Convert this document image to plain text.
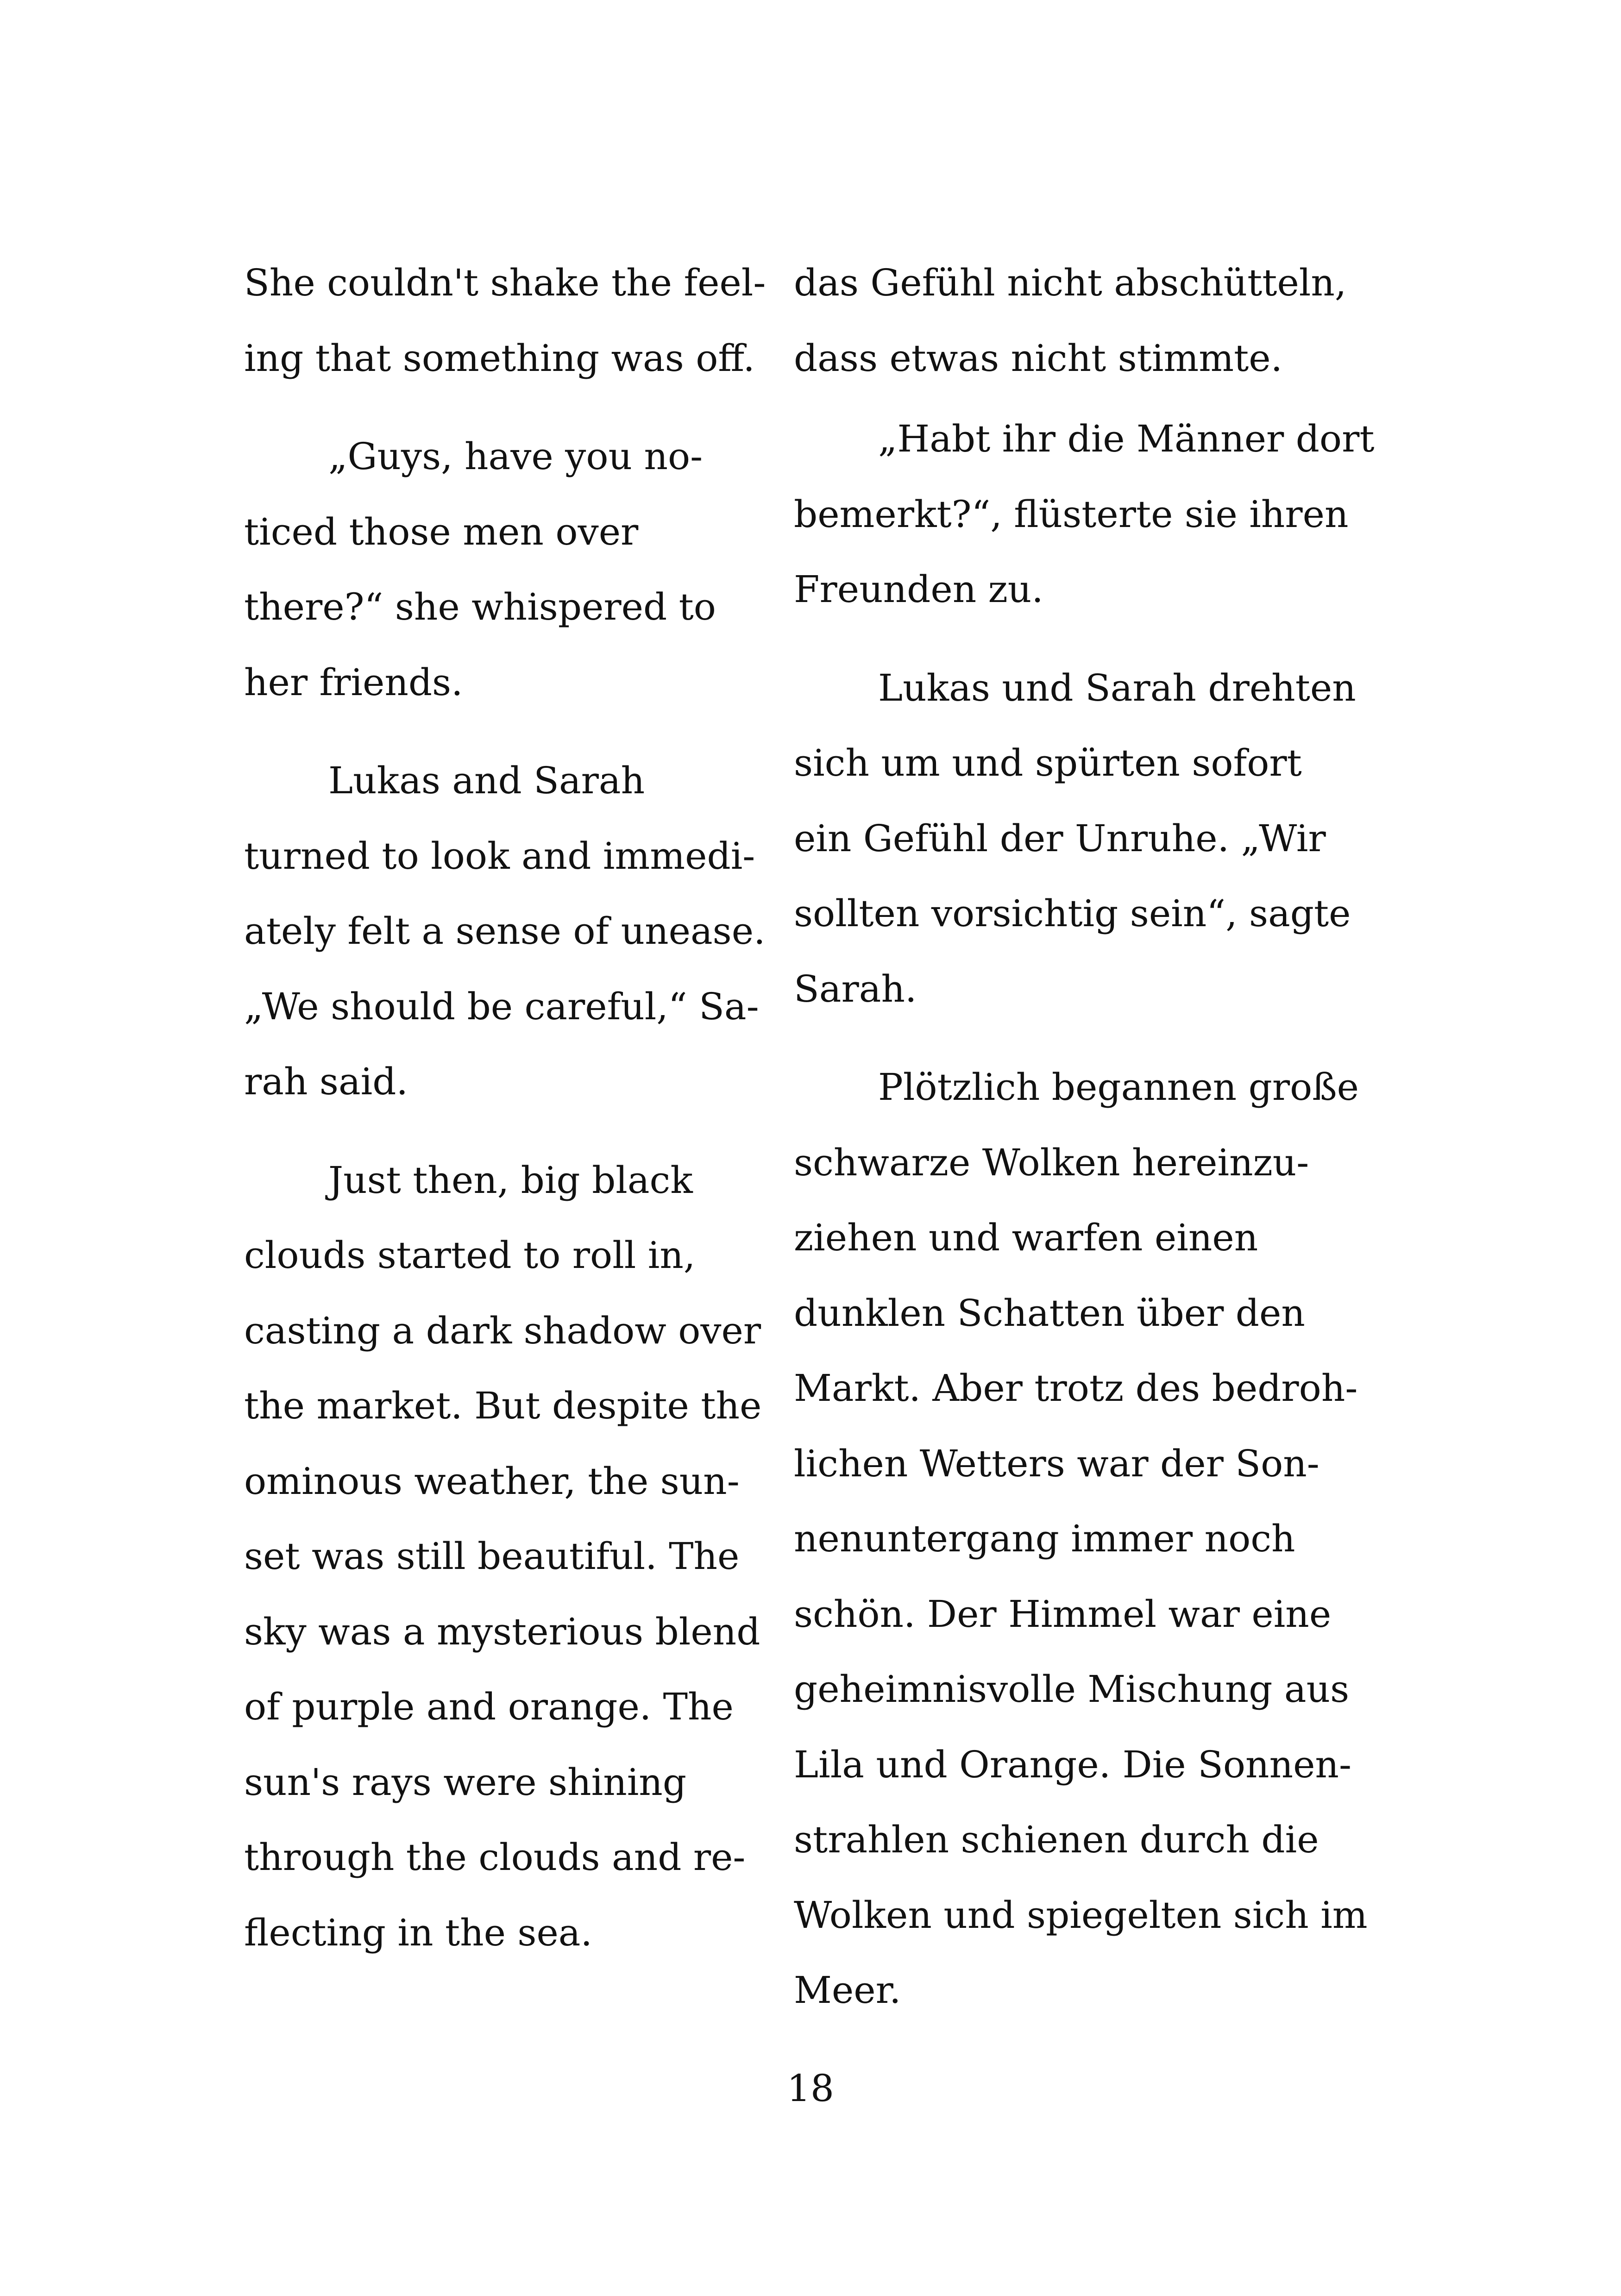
She couldn't shake the feel-
ing that something was off.
„Guys, have you no-
ticed those men over
there?“ she whispered to
her friends.
Lukas and Sarah
turned to look and immedi-
ately felt a sense of unease.
„We should be careful,“ Sa-
rah said.
Just then, big black
clouds started to roll in,
casting a dark shadow over
the market. But despite the
ominous weather, the sun-
set was still beautiful. The
sky was a mysterious blend
of purple and orange. The
sun's rays were shining
through the clouds and re-
flecting in the sea.
das Gefühl nicht abschütteln,
dass etwas nicht stimmte.
„Habt ihr die Männer dort
bemerkt?“, flüsterte sie ihren
Freunden zu.
Lukas und Sarah drehten
sich um und spürten sofort
ein Gefühl der Unruhe. „Wir
sollten vorsichtig sein“, sagte
Sarah.
Plötzlich begannen große
schwarze Wolken hereinzu-
ziehen und warfen einen
dunklen Schatten über den
Markt. Aber trotz des bedroh-
lichen Wetters war der Son-
nenuntergang immer noch
schön. Der Himmel war eine
geheimnisvolle Mischung aus
Lila und Orange. Die Sonnen-
strahlen schienen durch die
Wolken und spiegelten sich im
Meer.
18
